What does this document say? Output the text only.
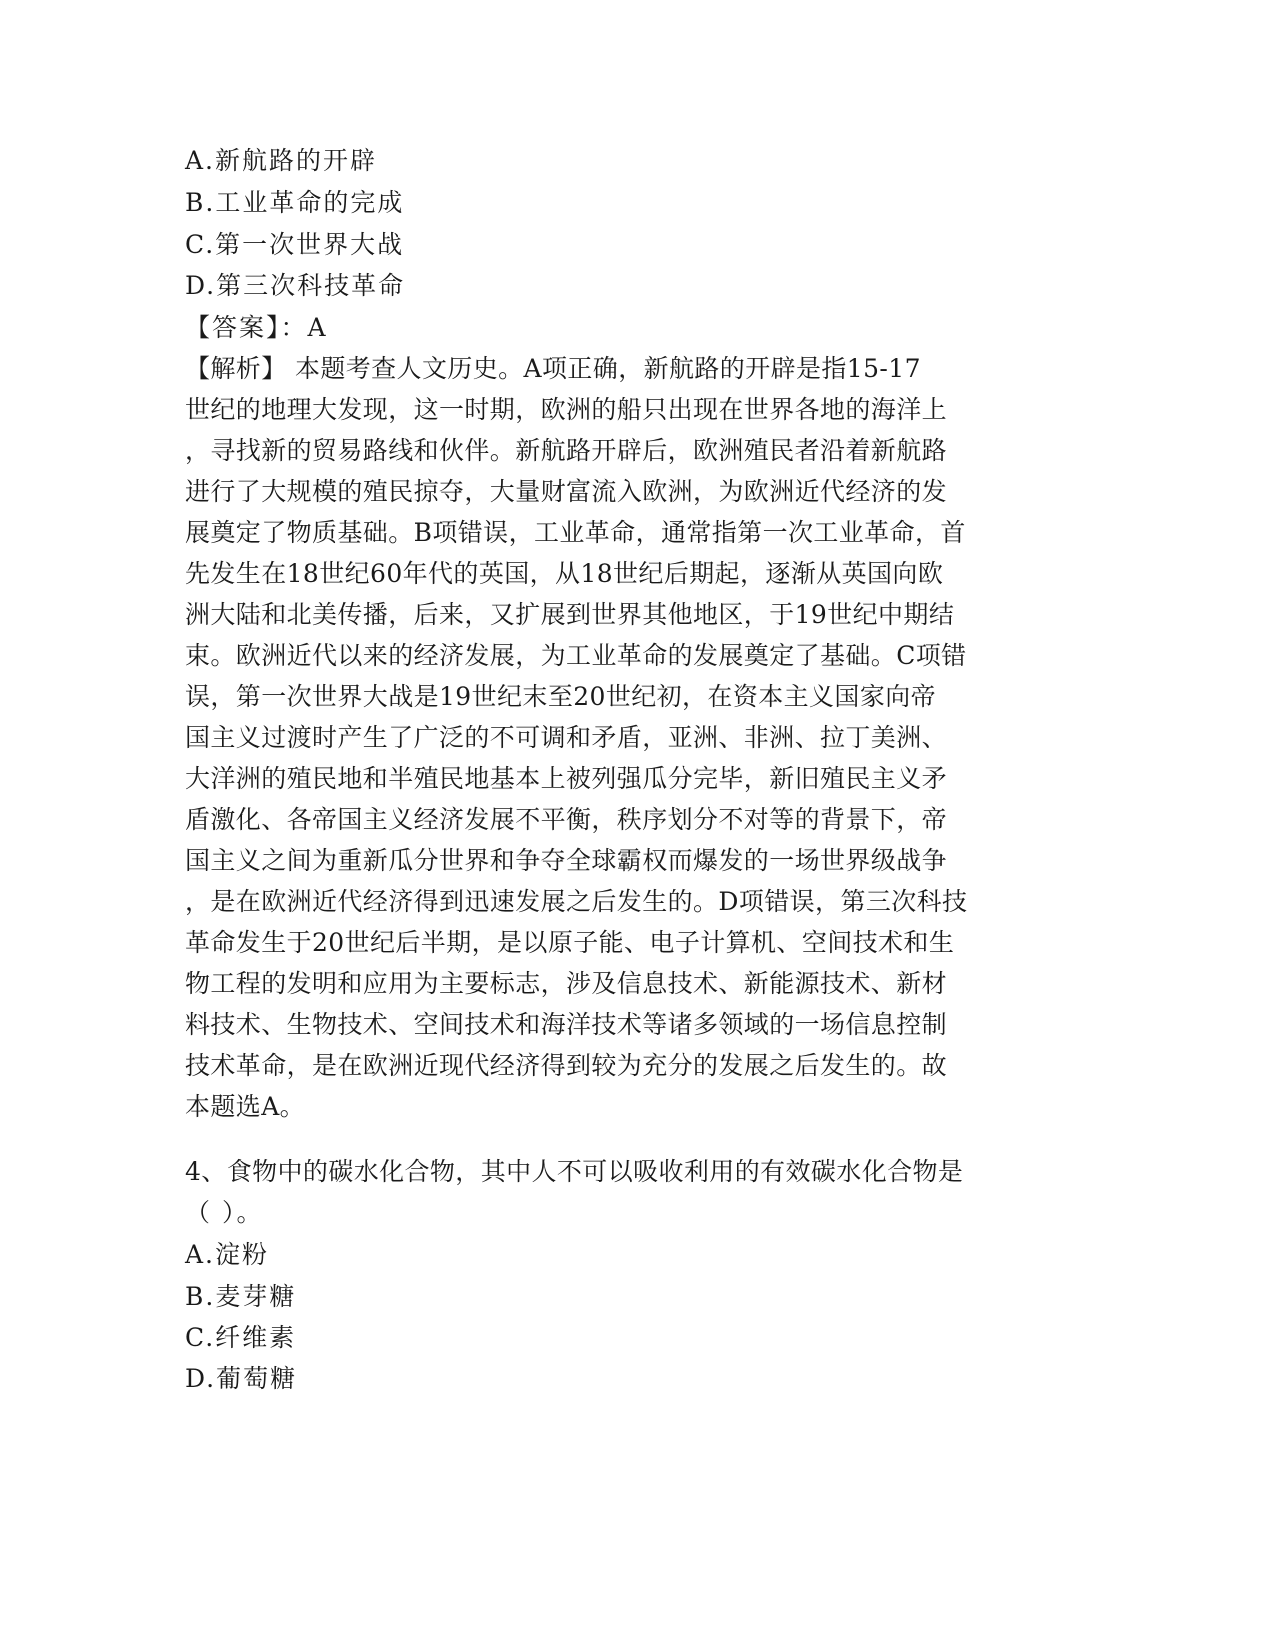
A.新航路的开辟
B.工业革命的完成
C.第一次世界大战
D.第三次科技革命
【答案】：A
【解析】 本题考查人文历史。A项正确，新航路的开辟是指15-17
世纪的地理大发现，这一时期，欧洲的船只出现在世界各地的海洋上
，寻找新的贸易路线和伙伴。新航路开辟后，欧洲殖民者沿着新航路
进行了大规模的殖民掠夺，大量财富流入欧洲，为欧洲近代经济的发
展奠定了物质基础。B项错误，工业革命，通常指第一次工业革命，首
先发生在18世纪60年代的英国，从18世纪后期起，逐渐从英国向欧
洲大陆和北美传播，后来，又扩展到世界其他地区，于19世纪中期结
束。欧洲近代以来的经济发展，为工业革命的发展奠定了基础。C项错
误，第一次世界大战是19世纪末至20世纪初，在资本主义国家向帝
国主义过渡时产生了广泛的不可调和矛盾，亚洲、非洲、拉丁美洲、
大洋洲的殖民地和半殖民地基本上被列强瓜分完毕，新旧殖民主义矛
盾激化、各帝国主义经济发展不平衡，秩序划分不对等的背景下，帝
国主义之间为重新瓜分世界和争夺全球霸权而爆发的一场世界级战争
，是在欧洲近代经济得到迅速发展之后发生的。D项错误，第三次科技
革命发生于20世纪后半期，是以原子能、电子计算机、空间技术和生
物工程的发明和应用为主要标志，涉及信息技术、新能源技术、新材
料技术、生物技术、空间技术和海洋技术等诸多领域的一场信息控制
技术革命，是在欧洲近现代经济得到较为充分的发展之后发生的。故
本题选A。
4、食物中的碳水化合物，其中人不可以吸收利用的有效碳水化合物是
（ ）。
A.淀粉
B.麦芽糖
C.纤维素
D.葡萄糖
